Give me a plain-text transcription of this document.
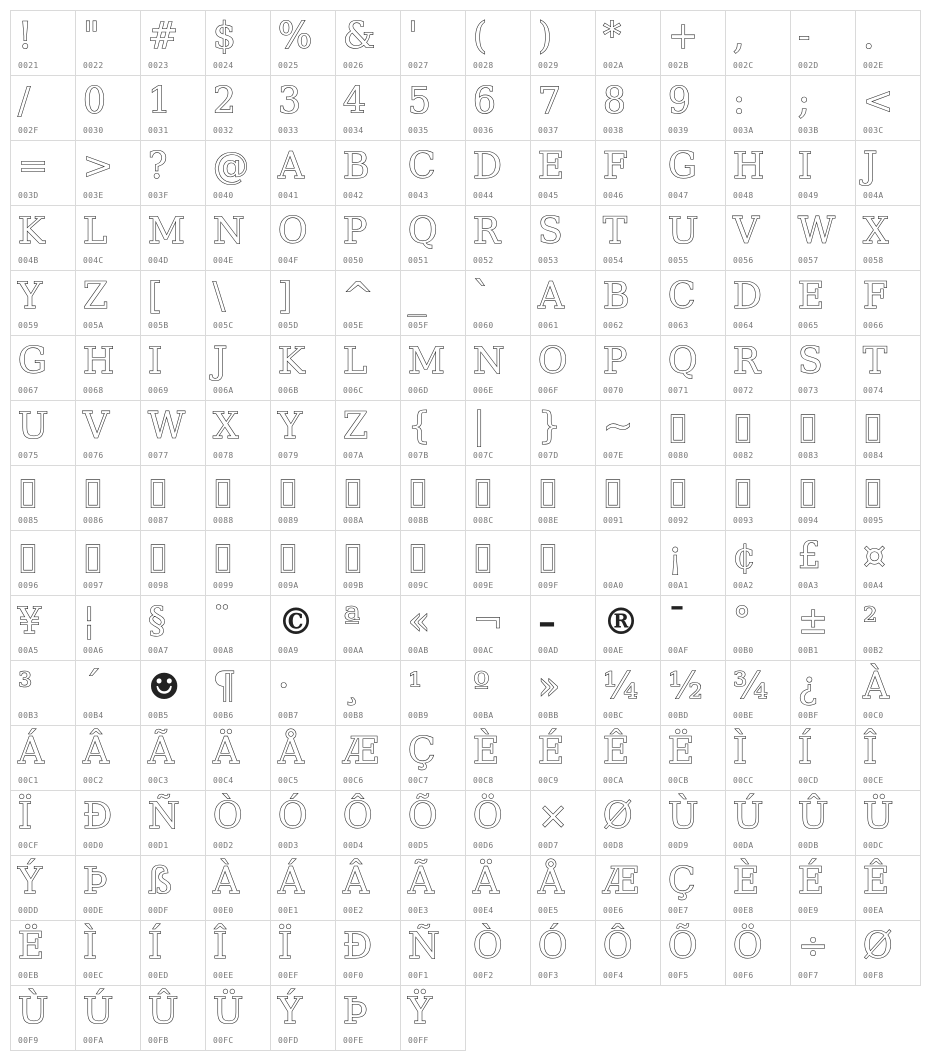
!
0021
"
0022
#
0023
$
0024
%
0025
&
0026
'
0027
(
0028
)
0029
*
002A
+
002B
,
002C
-
002D
.
002E
/
002F
0
0030
1
0031
2
0032
3
0033
4
0034
5
0035
6
0036
7
0037
8
0038
9
0039
:
003A
;
003B
<
003C
=
003D
>
003E
?
003F
@
0040
A
0041
B
0042
C
0043
D
0044
E
0045
F
0046
G
0047
H
0048
I
0049
J
004A
K
004B
L
004C
M
004D
N
004E
O
004F
P
0050
Q
0051
R
0052
S
0053
T
0054
U
0055
V
0056
W
0057
X
0058
Y
0059
Z
005A
[
005B
\
005C
]
005D
^
005E
_
005F
`
0060
A
0061
B
0062
C
0063
D
0064
E
0065
F
0066
G
0067
H
0068
I
0069
J
006A
K
006B
L
006C
M
006D
N
006E
O
006F
P
0070
Q
0071
R
0072
S
0073
T
0074
U
0075
V
0076
W
0077
X
0078
Y
0079
Z
007A
{
007B
|
007C
}
007D
~
007E
▯
0080
▯
0082
▯
0083
▯
0084
▯
0085
▯
0086
▯
0087
▯
0088
▯
0089
▯
008A
▯
008B
▯
008C
▯
008E
▯
0091
▯
0092
▯
0093
▯
0094
▯
0095
▯
0096
▯
0097
▯
0098
▯
0099
▯
009A
▯
009B
▯
009C
▯
009E
▯
009F	00A0
¡
00A1
¢
00A2
£
00A3
¤
00A4
¥
00A5
¦
00A6
§
00A7
¨
00A8
©
00A9
ª
00AA
«
00AB
¬
00AC
–
00AD
®
00AE
¯
00AF
°
00B0
±
00B1
²
00B2
³
00B3
´
00B4
☻
00B5
¶
00B6
·
00B7
¸
00B8
¹
00B9
º
00BA
»
00BB
¼
00BC
½
00BD
¾
00BE
¿
00BF
À
00C0
Á
00C1
Â
00C2
Ã
00C3
Ä
00C4
Å
00C5
Æ
00C6
Ç
00C7
È
00C8
É
00C9
Ê
00CA
Ë
00CB
Ì
00CC
Í
00CD
Î
00CE
Ï
00CF
Đ
00D0
Ñ
00D1
Ò
00D2
Ó
00D3
Ô
00D4
Õ
00D5
Ö
00D6
×
00D7
Ø
00D8
Ù
00D9
Ú
00DA
Û
00DB
Ü
00DC
Ý
00DD
Þ
00DE
ß
00DF
À
00E0
Á
00E1
Â
00E2
Ã
00E3
Ä
00E4
Å
00E5
Æ
00E6
Ç
00E7
È
00E8
É
00E9
Ê
00EA
Ë
00EB
Ì
00EC
Í
00ED
Î
00EE
Ï
00EF
Đ
00F0
Ñ
00F1
Ò
00F2
Ó
00F3
Ô
00F4
Õ
00F5
Ö
00F6
÷
00F7
Ø
00F8
Ù
00F9
Ú
00FA
Û
00FB
Ü
00FC
Ý
00FD
Þ
00FE
Ÿ
00FF
